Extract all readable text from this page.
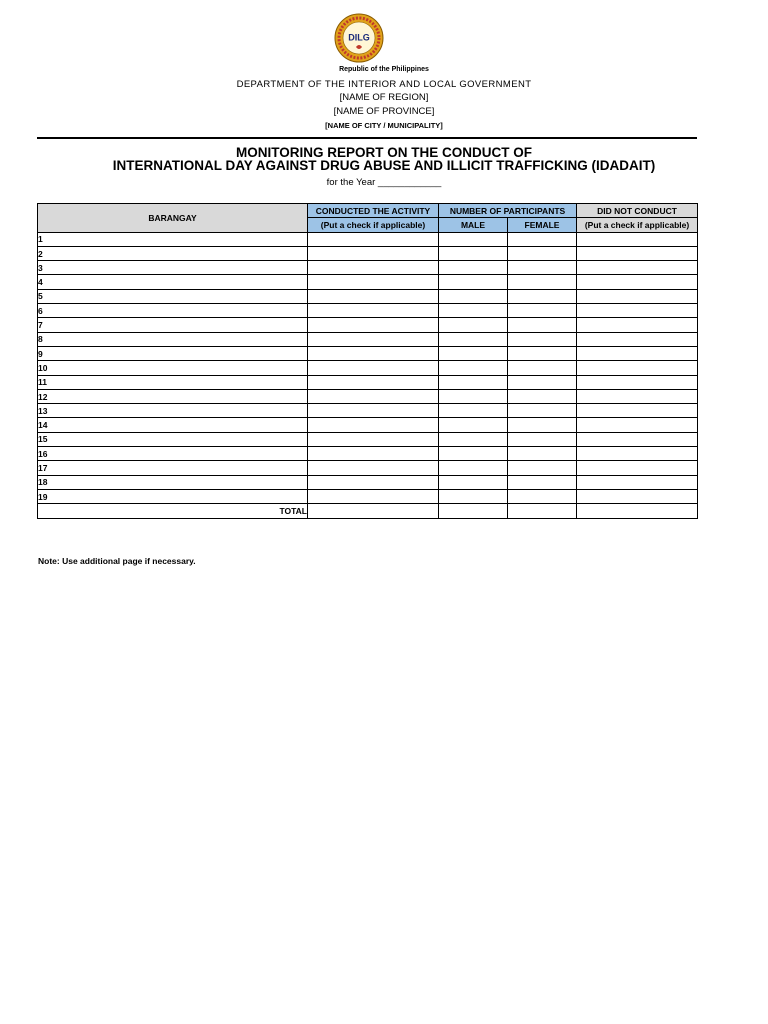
DILG
Republic of the Philippines
DEPARTMENT OF THE INTERIOR AND LOCAL GOVERNMENT
[NAME OF REGION]
[NAME OF PROVINCE]
[NAME OF CITY / MUNICIPALITY]
MONITORING REPORT ON THE CONDUCT OF
INTERNATIONAL DAY AGAINST DRUG ABUSE AND ILLICIT TRAFFICKING (IDADAIT)
for the Year ____________
BARANGAY	CONDUCTED THE ACTIVITY	NUMBER OF PARTICIPANTS		DID NOT CONDUCT
	(Put a check if applicable)	MALE	FEMALE	(Put a check if applicable)
1				
2				
3				
4				
5				
6				
7				
8				
9				
10				
11				
12				
13				
14				
15				
16				
17				
18				
19				
TOTAL				
Note: Use additional page if necessary.
